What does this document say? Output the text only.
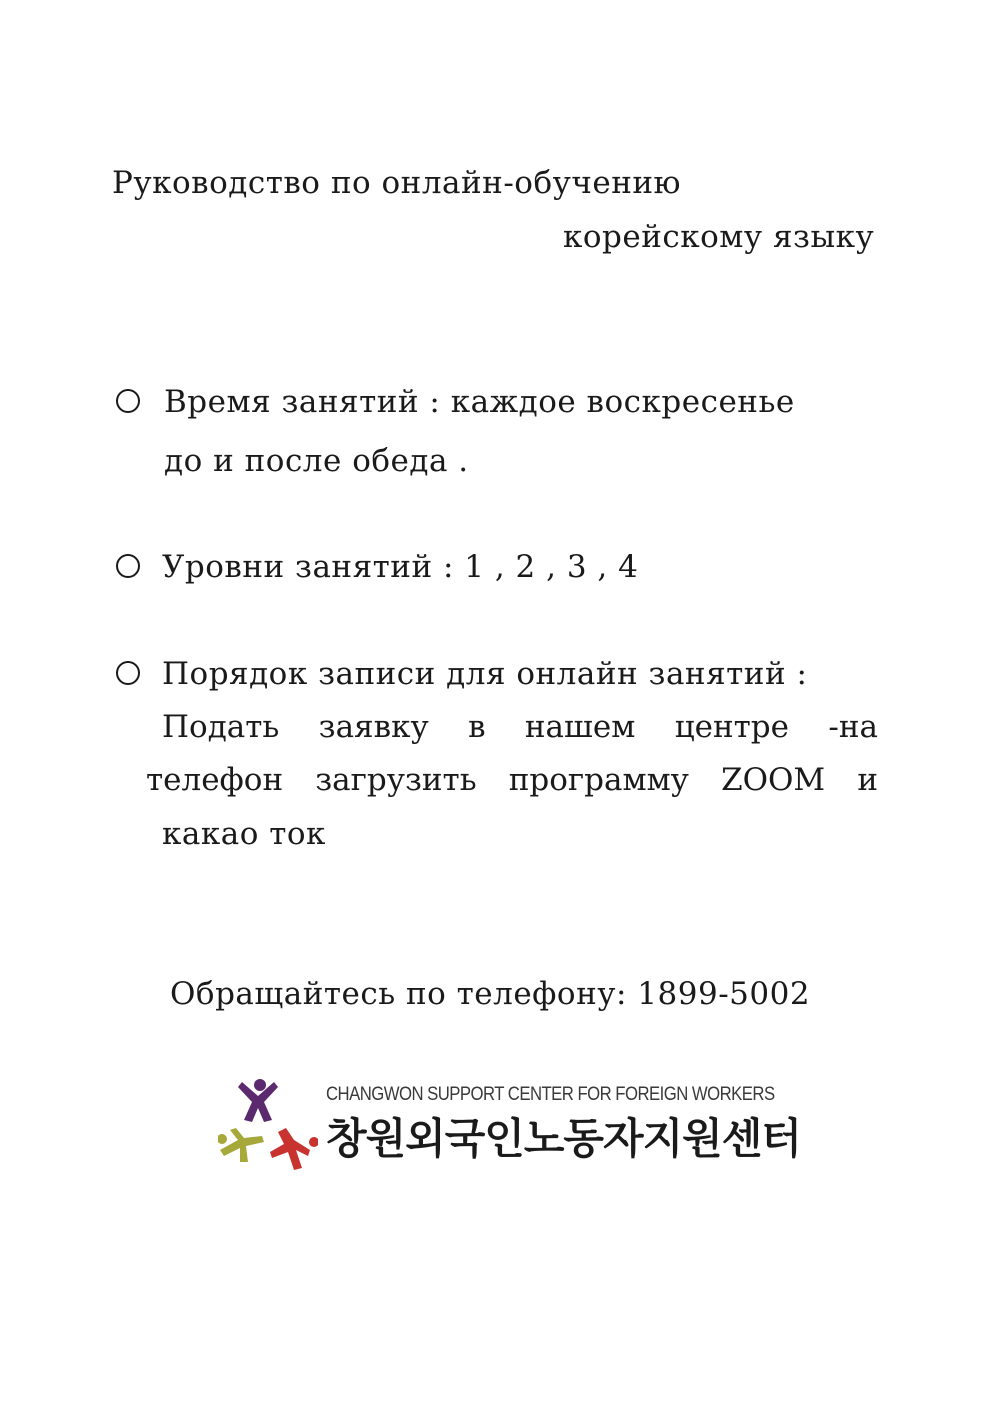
Руководство по онлайн-обучению
корейскому языку
Время занятий : каждое воскресенье
до и после обеда .
Уровни занятий : 1 , 2 , 3 , 4
Порядок записи для онлайн занятий :
Подать заявку в нашем центре -на
телефон загрузить программу ZOOM и
какао ток
Обращайтесь по телефону: 1899-5002
CHANGWON SUPPORT CENTER FOR FOREIGN WORKERS
창원외국인노동자지원센터
